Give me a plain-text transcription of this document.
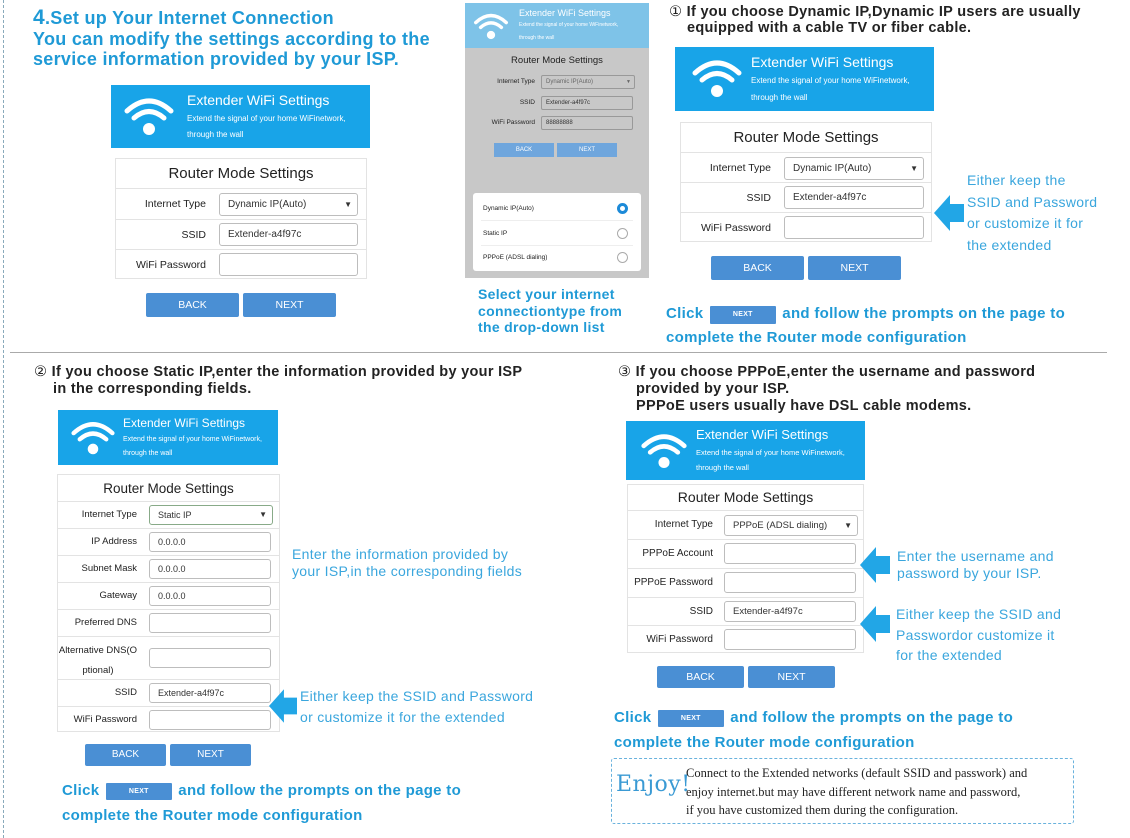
4.Set up Your Internet Connection
You can modify the settings according to the
service information provided by your ISP.
Extender WiFi Settings
Extend the signal of your home WiFinetwork,
through the wall
Router Mode Settings
Internet Type	Dynamic IP(Auto)	▼
SSID	Extender-a4f97c
WiFi Password
BACK	NEXT
Extender WiFi Settings
Extend the signal of your home WiFinetwork,
through the wall
Router Mode Settings
Internet Type	Dynamic IP(Auto)	▼
SSID	Extender-a4f97c
WiFi Password	88888888
BACK	NEXT
Dynamic IP(Auto)
Static IP
PPPoE (ADSL dialing)
Select your internet
connectiontype from
the drop-down list
① If you choose Dynamic IP,Dynamic IP users are usually
equipped with a cable TV or fiber cable.
Extender WiFi Settings
Extend the signal of your home WiFinetwork,
through the wall
Router Mode Settings
Internet Type	Dynamic IP(Auto)	▼
SSID	Extender-a4f97c
WiFi Password
BACK	NEXT
Either keep the
SSID and Password
or customize it for
the extended
Click	NEXT and follow the prompts on the page to
complete the Router mode configuration
② If you choose Static IP,enter the information provided by your ISP
in the corresponding fields.
Extender WiFi Settings
Extend the signal of your home WiFinetwork,
through the wall
Router Mode Settings
Internet Type	Static IP	▼
IP Address	0.0.0.0
Subnet Mask	0.0.0.0
Gateway	0.0.0.0
Preferred DNS
Alternative DNS(O
ptional)
SSID	Extender-a4f97c
WiFi Password
BACK	NEXT
Enter the information provided by
your ISP,in the corresponding fields
Either keep the SSID and Password
or customize it for the extended
Click	NEXT and follow the prompts on the page to
complete the Router mode configuration
③ If you choose PPPoE,enter the username and password
provided by your ISP.
PPPoE users usually have DSL cable modems.
Extender WiFi Settings
Extend the signal of your home WiFinetwork,
through the wall
Router Mode Settings
Internet Type	PPPoE (ADSL dialing) ▼
PPPoE Account
PPPoE Password
SSID	Extender-a4f97c
WiFi Password
BACK	NEXT
Enter the username and
password by your ISP.
Either keep the SSID and
Passwordor customize it
for the extended
Click	NEXT and follow the prompts on the page to
complete the Router mode configuration
Enjoy!
Connect to the Extended networks (default SSID and passwork) and
enjoy internet.but may have different network name and password,
if you have customized them during the configuration.
